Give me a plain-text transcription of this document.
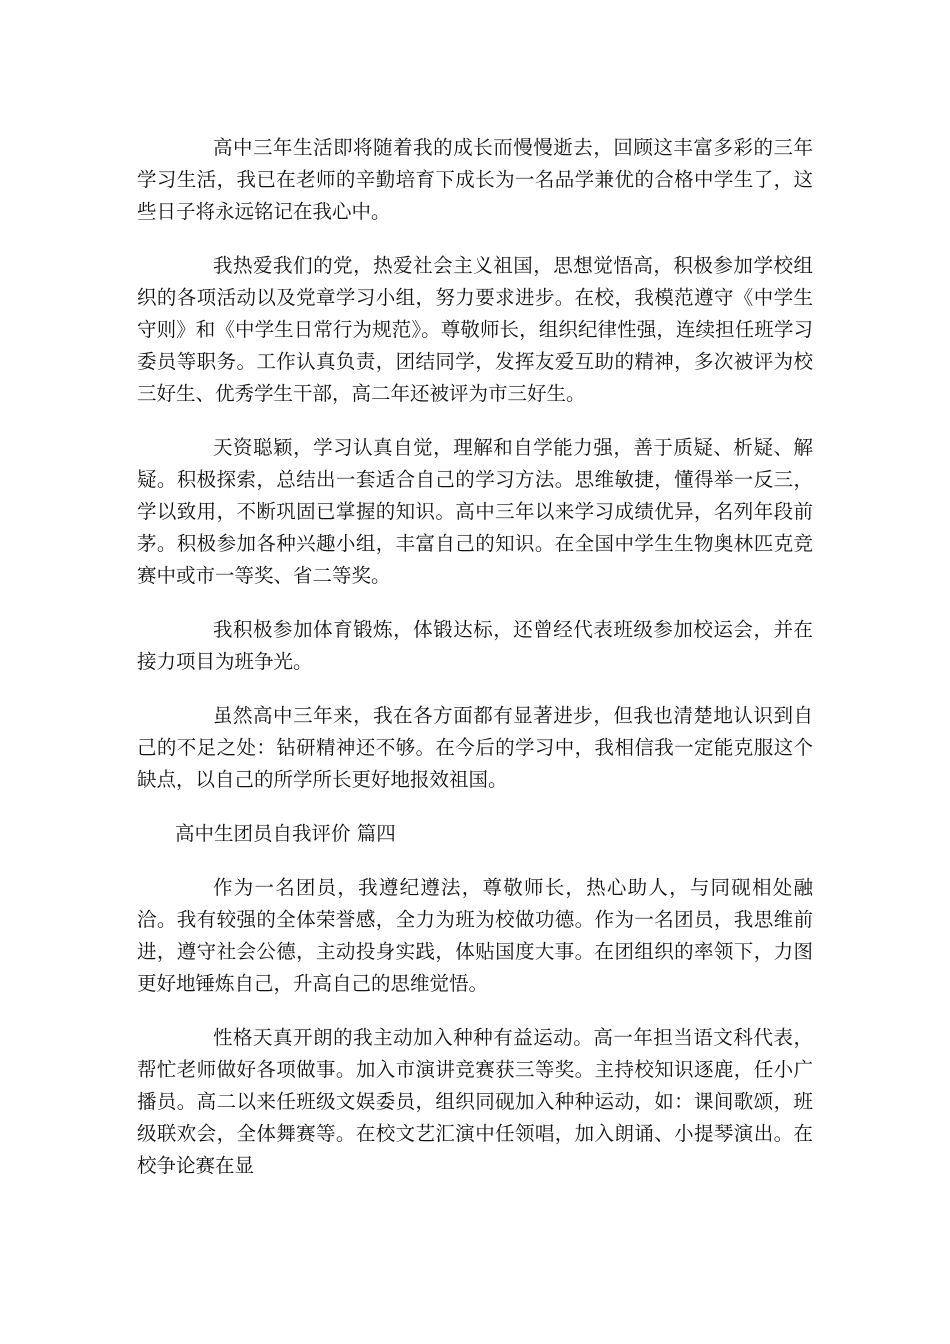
高中三年生活即将随着我的成长而慢慢逝去，回顾这丰富多彩的三年学习生活，我已在老师的辛勤培育下成长为一名品学兼优的合格中学生了，这些日子将永远铭记在我心中。

我热爱我们的党，热爱社会主义祖国，思想觉悟高，积极参加学校组织的各项活动以及党章学习小组，努力要求进步。在校，我模范遵守《中学生守则》和《中学生日常行为规范》。尊敬师长，组织纪律性强，连续担任班学习委员等职务。工作认真负责，团结同学，发挥友爱互助的精神，多次被评为校三好生、优秀学生干部，高二年还被评为市三好生。

天资聪颖，学习认真自觉，理解和自学能力强，善于质疑、析疑、解疑。积极探索，总结出一套适合自己的学习方法。思维敏捷，懂得举一反三，学以致用，不断巩固已掌握的知识。高中三年以来学习成绩优异，名列年段前茅。积极参加各种兴趣小组，丰富自己的知识。在全国中学生生物奥林匹克竞赛中或市一等奖、省二等奖。

我积极参加体育锻炼，体锻达标，还曾经代表班级参加校运会，并在接力项目为班争光。

虽然高中三年来，我在各方面都有显著进步，但我也清楚地认识到自己的不足之处：钻研精神还不够。在今后的学习中，我相信我一定能克服这个缺点，以自己的所学所长更好地报效祖国。

高中生团员自我评价 篇四

作为一名团员，我遵纪遵法，尊敬师长，热心助人，与同砚相处融洽。我有较强的全体荣誉感，全力为班为校做功德。作为一名团员，我思维前进，遵守社会公德，主动投身实践，体贴国度大事。在团组织的率领下，力图更好地锤炼自己，升高自己的思维觉悟。

性格天真开朗的我主动加入种种有益运动。高一年担当语文科代表，帮忙老师做好各项做事。加入市演讲竞赛获三等奖。主持校知识逐鹿，任小广播员。高二以来任班级文娱委员，组织同砚加入种种运动，如：课间歌颂，班级联欢会，全体舞赛等。在校文艺汇演中任领唱，加入朗诵、小提琴演出。在校争论赛在显
